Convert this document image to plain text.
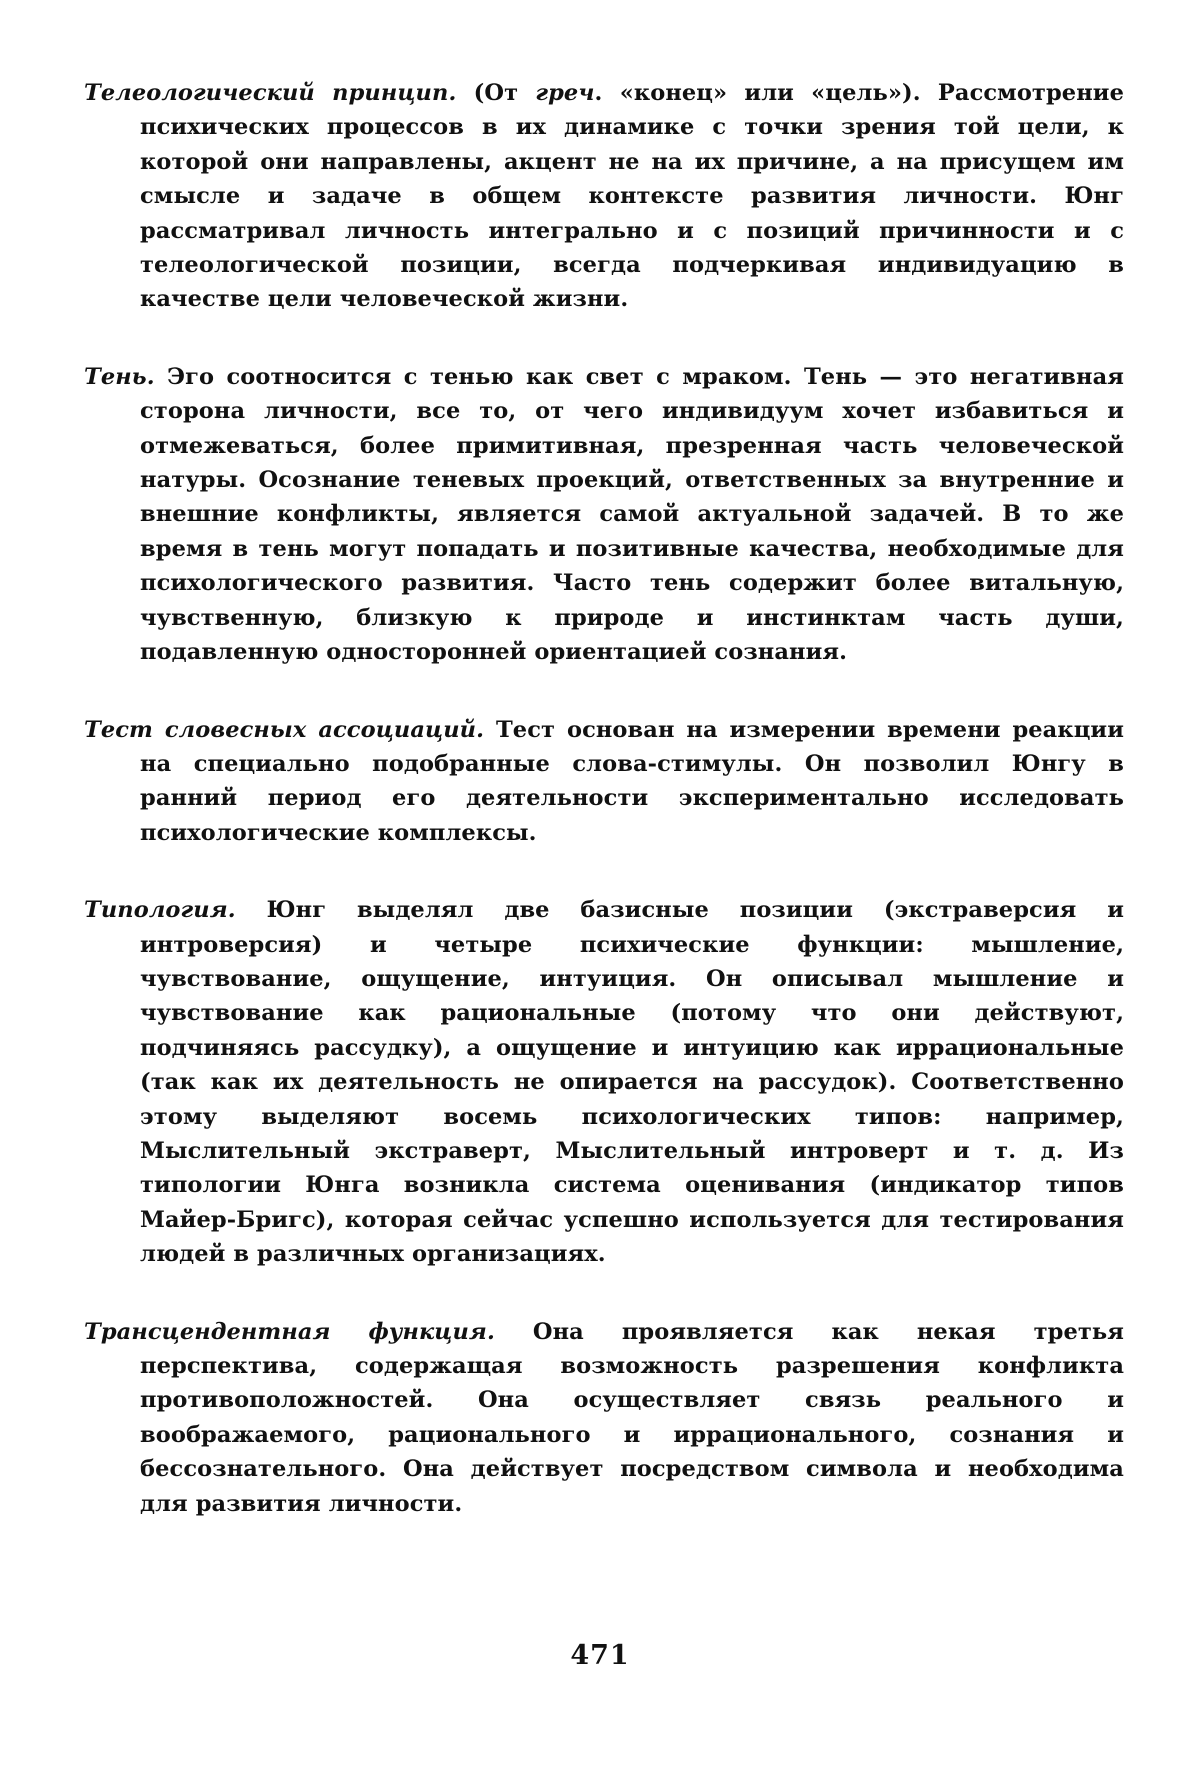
Телеологический принцип. (От греч. «конец» или «цель»). Рассмотрение психических процессов в их динамике с точки зрения той цели, к которой они направлены, акцент не на их причине, а на присущем им смысле и задаче в общем контексте развития личности. Юнг рассматривал личность интегрально и с позиций причинности и с телеологической позиции, всегда подчеркивая индивидуацию в качестве цели человеческой жизни.

Тень. Эго соотносится с тенью как свет с мраком. Тень — это негативная сторона личности, все то, от чего индивидуум хочет избавиться и отмежеваться, более примитивная, презренная часть человеческой натуры. Осознание теневых проекций, ответственных за внутренние и внешние конфликты, является самой актуальной задачей. В то же время в тень могут попадать и позитивные качества, необходимые для психологического развития. Часто тень содержит более витальную, чувственную, близкую к природе и инстинктам часть души, подавленную односторонней ориентацией сознания.

Тест словесных ассоциаций. Тест основан на измерении времени реакции на специально подобранные слова-стимулы. Он позволил Юнгу в ранний период его деятельности экспериментально исследовать психологические комплексы.

Типология. Юнг выделял две базисные позиции (экстраверсия и интроверсия) и четыре психические функции: мышление, чувствование, ощущение, интуиция. Он описывал мышление и чувствование как рациональные (потому что они действуют, подчиняясь рассудку), а ощущение и интуицию как иррациональные (так как их деятельность не опирается на рассудок). Соответственно этому выделяют восемь психологических типов: например, Мыслительный экстраверт, Мыслительный интроверт и т. д. Из типологии Юнга возникла система оценивания (индикатор типов Майер-Бригс), которая сейчас успешно используется для тестирования людей в различных организациях.

Трансцендентная функция. Она проявляется как некая третья перспектива, содержащая возможность разрешения конфликта противоположностей. Она осуществляет связь реального и воображаемого, рационального и иррационального, сознания и бессознательного. Она действует посредством символа и необходима для развития личности.

471
